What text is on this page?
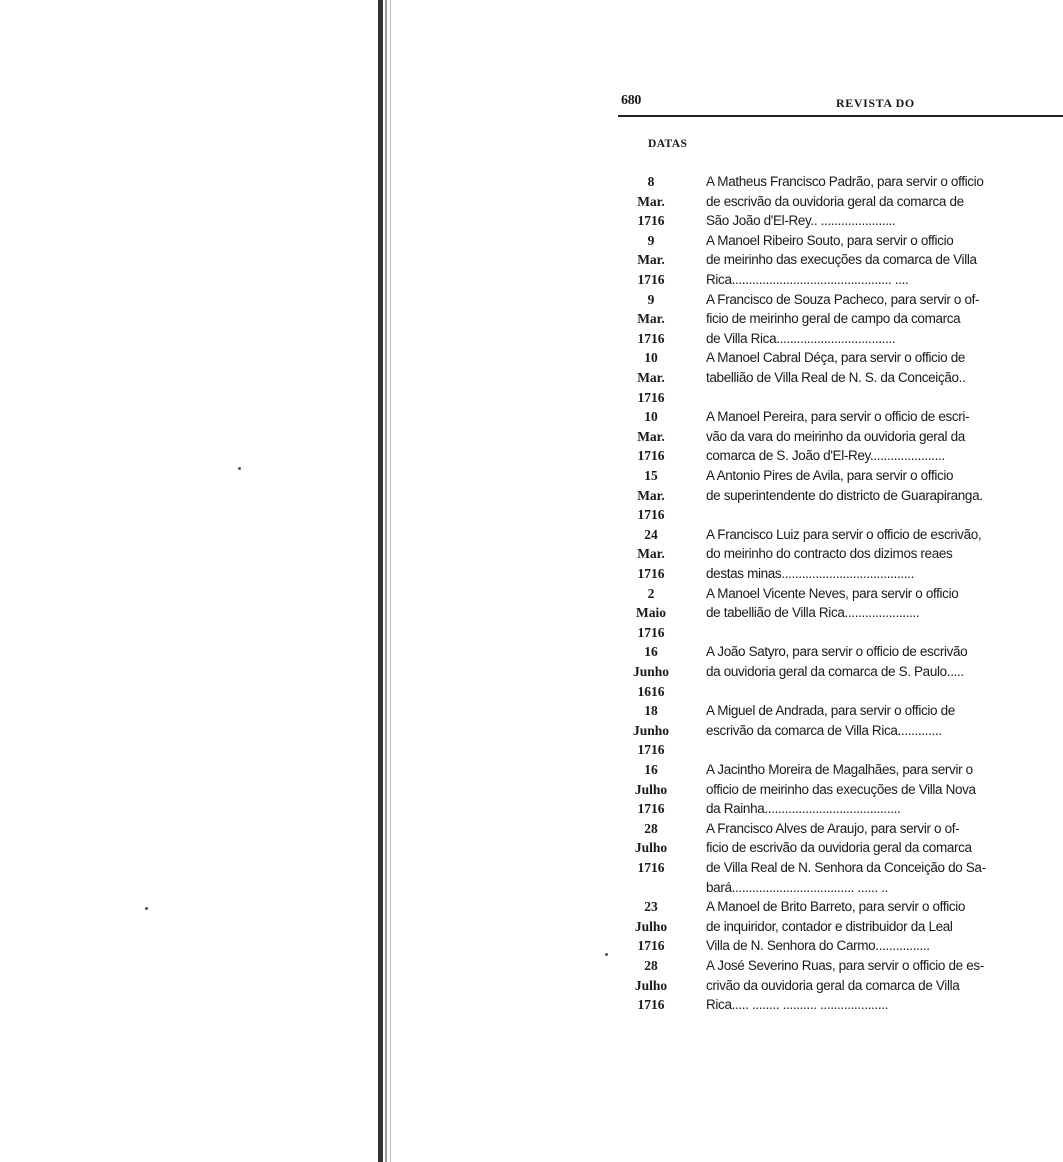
680	REVISTA DO
DATAS
8
Mar.
1716
A Matheus Francisco Padrão, para servir o officio
de escrivão da ouvidoria geral da comarca de
São João d'El-Rey.. ......................
9
Mar.
1716
A Manoel Ribeiro Souto, para servir o officio
de meirinho das execuções da comarca de Villa
Rica............................................... ....
9
Mar.
1716
A Francisco de Souza Pacheco, para servir o of-
ficio de meirinho geral de campo da comarca
de Villa Rica...................................
10
Mar.
1716
A Manoel Cabral Déça, para servir o officio de
tabellião de Villa Real de N. S. da Conceição..
10
Mar.
1716
A Manoel Pereira, para servir o officio de escri-
vão da vara do meirinho da ouvidoria geral da
comarca de S. João d'El-Rey......................
15
Mar.
1716
A Antonio Pires de Avila, para servir o officio
de superintendente do districto de Guarapiranga.
24
Mar.
1716
A Francisco Luiz para servir o officio de escrivão,
do meirinho do contracto dos dizimos reaes
destas minas.......................................
2
Maio
1716
A Manoel Vicente Neves, para servir o officio
de tabellião de Villa Rica......................
16
Junho
1616
A João Satyro, para servir o officio de escrivão
da ouvidoria geral da comarca de S. Paulo.....
18
Junho
1716
A Miguel de Andrada, para servir o officio de
escrivão da comarca de Villa Rica.............
16
Julho
1716
A Jacintho Moreira de Magalhães, para servir o
officio de meirinho das execuções de Villa Nova
da Rainha........................................
28
Julho
1716
A Francisco Alves de Araujo, para servir o of-
ficio de escrivão da ouvidoria geral da comarca
de Villa Real de N. Senhora da Conceição do Sa-
bará.................................... ...... ..
23
Julho
1716
A Manoel de Brito Barreto, para servir o officio
de inquiridor, contador e distribuidor da Leal
Villa de N. Senhora do Carmo................
28
Julho
1716
A José Severino Ruas, para servir o officio de es-
crivão da ouvidoria geral da comarca de Villa
Rica..... ........ .......... ....................
